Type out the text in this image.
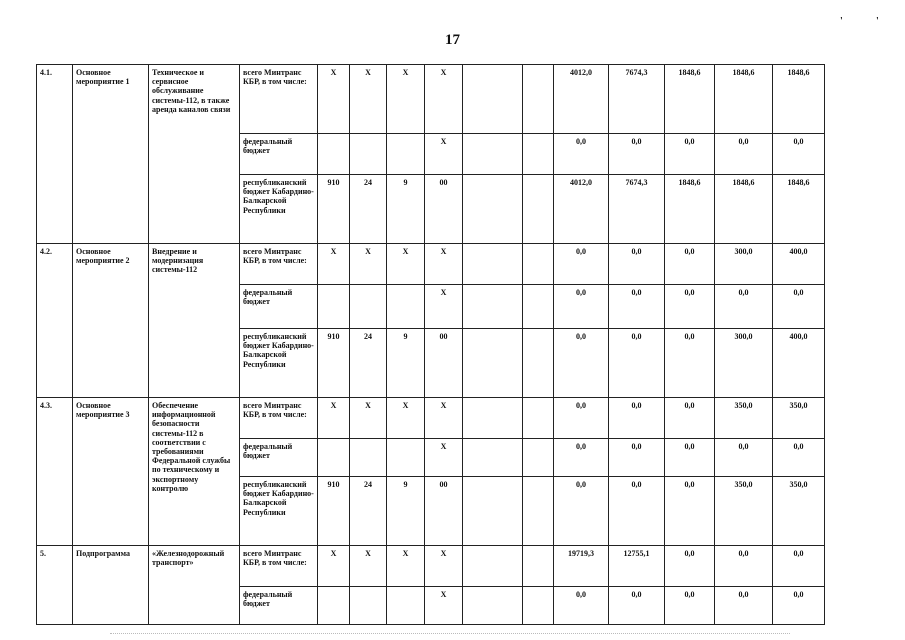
17
'	'
4.1.	Основное мероприятие 1	Техническое и сервисное обслуживание системы-112, в также аренда каналов связи	всего Минтранс КБР, в том числе:	X	X	X	X			4012,0	7674,3	1848,6	1848,6	1848,6
			федеральный бюджет				X			0,0	0,0	0,0	0,0	0,0
			республиканский бюджет Кабардино-Балкарской Республики	910	24	9	00			4012,0	7674,3	1848,6	1848,6	1848,6
4.2.	Основное мероприятие 2	Внедрение и модернизация системы-112	всего Минтранс КБР, в том числе:	X	X	X	X			0,0	0,0	0,0	300,0	400,0
			федеральный бюджет				X			0,0	0,0	0,0	0,0	0,0
			республиканский бюджет Кабардино-Балкарской Республики	910	24	9	00			0,0	0,0	0,0	300,0	400,0
4.3.	Основное мероприятие 3	Обеспечение информационной безопасности системы-112 в соответствии с требованиями Федеральной службы по техническому и экспортному контролю	всего Минтранс КБР, в том числе:	X	X	X	X			0,0	0,0	0,0	350,0	350,0
			федеральный бюджет				X			0,0	0,0	0,0	0,0	0,0
			республиканский бюджет Кабардино-Балкарской Республики	910	24	9	00			0,0	0,0	0,0	350,0	350,0
5.	Подпрограмма	«Железнодорожный транспорт»	всего Минтранс КБР, в том числе:	X	X	X	X			19719,3	12755,1	0,0	0,0	0,0
			федеральный бюджет				X			0,0	0,0	0,0	0,0	0,0
